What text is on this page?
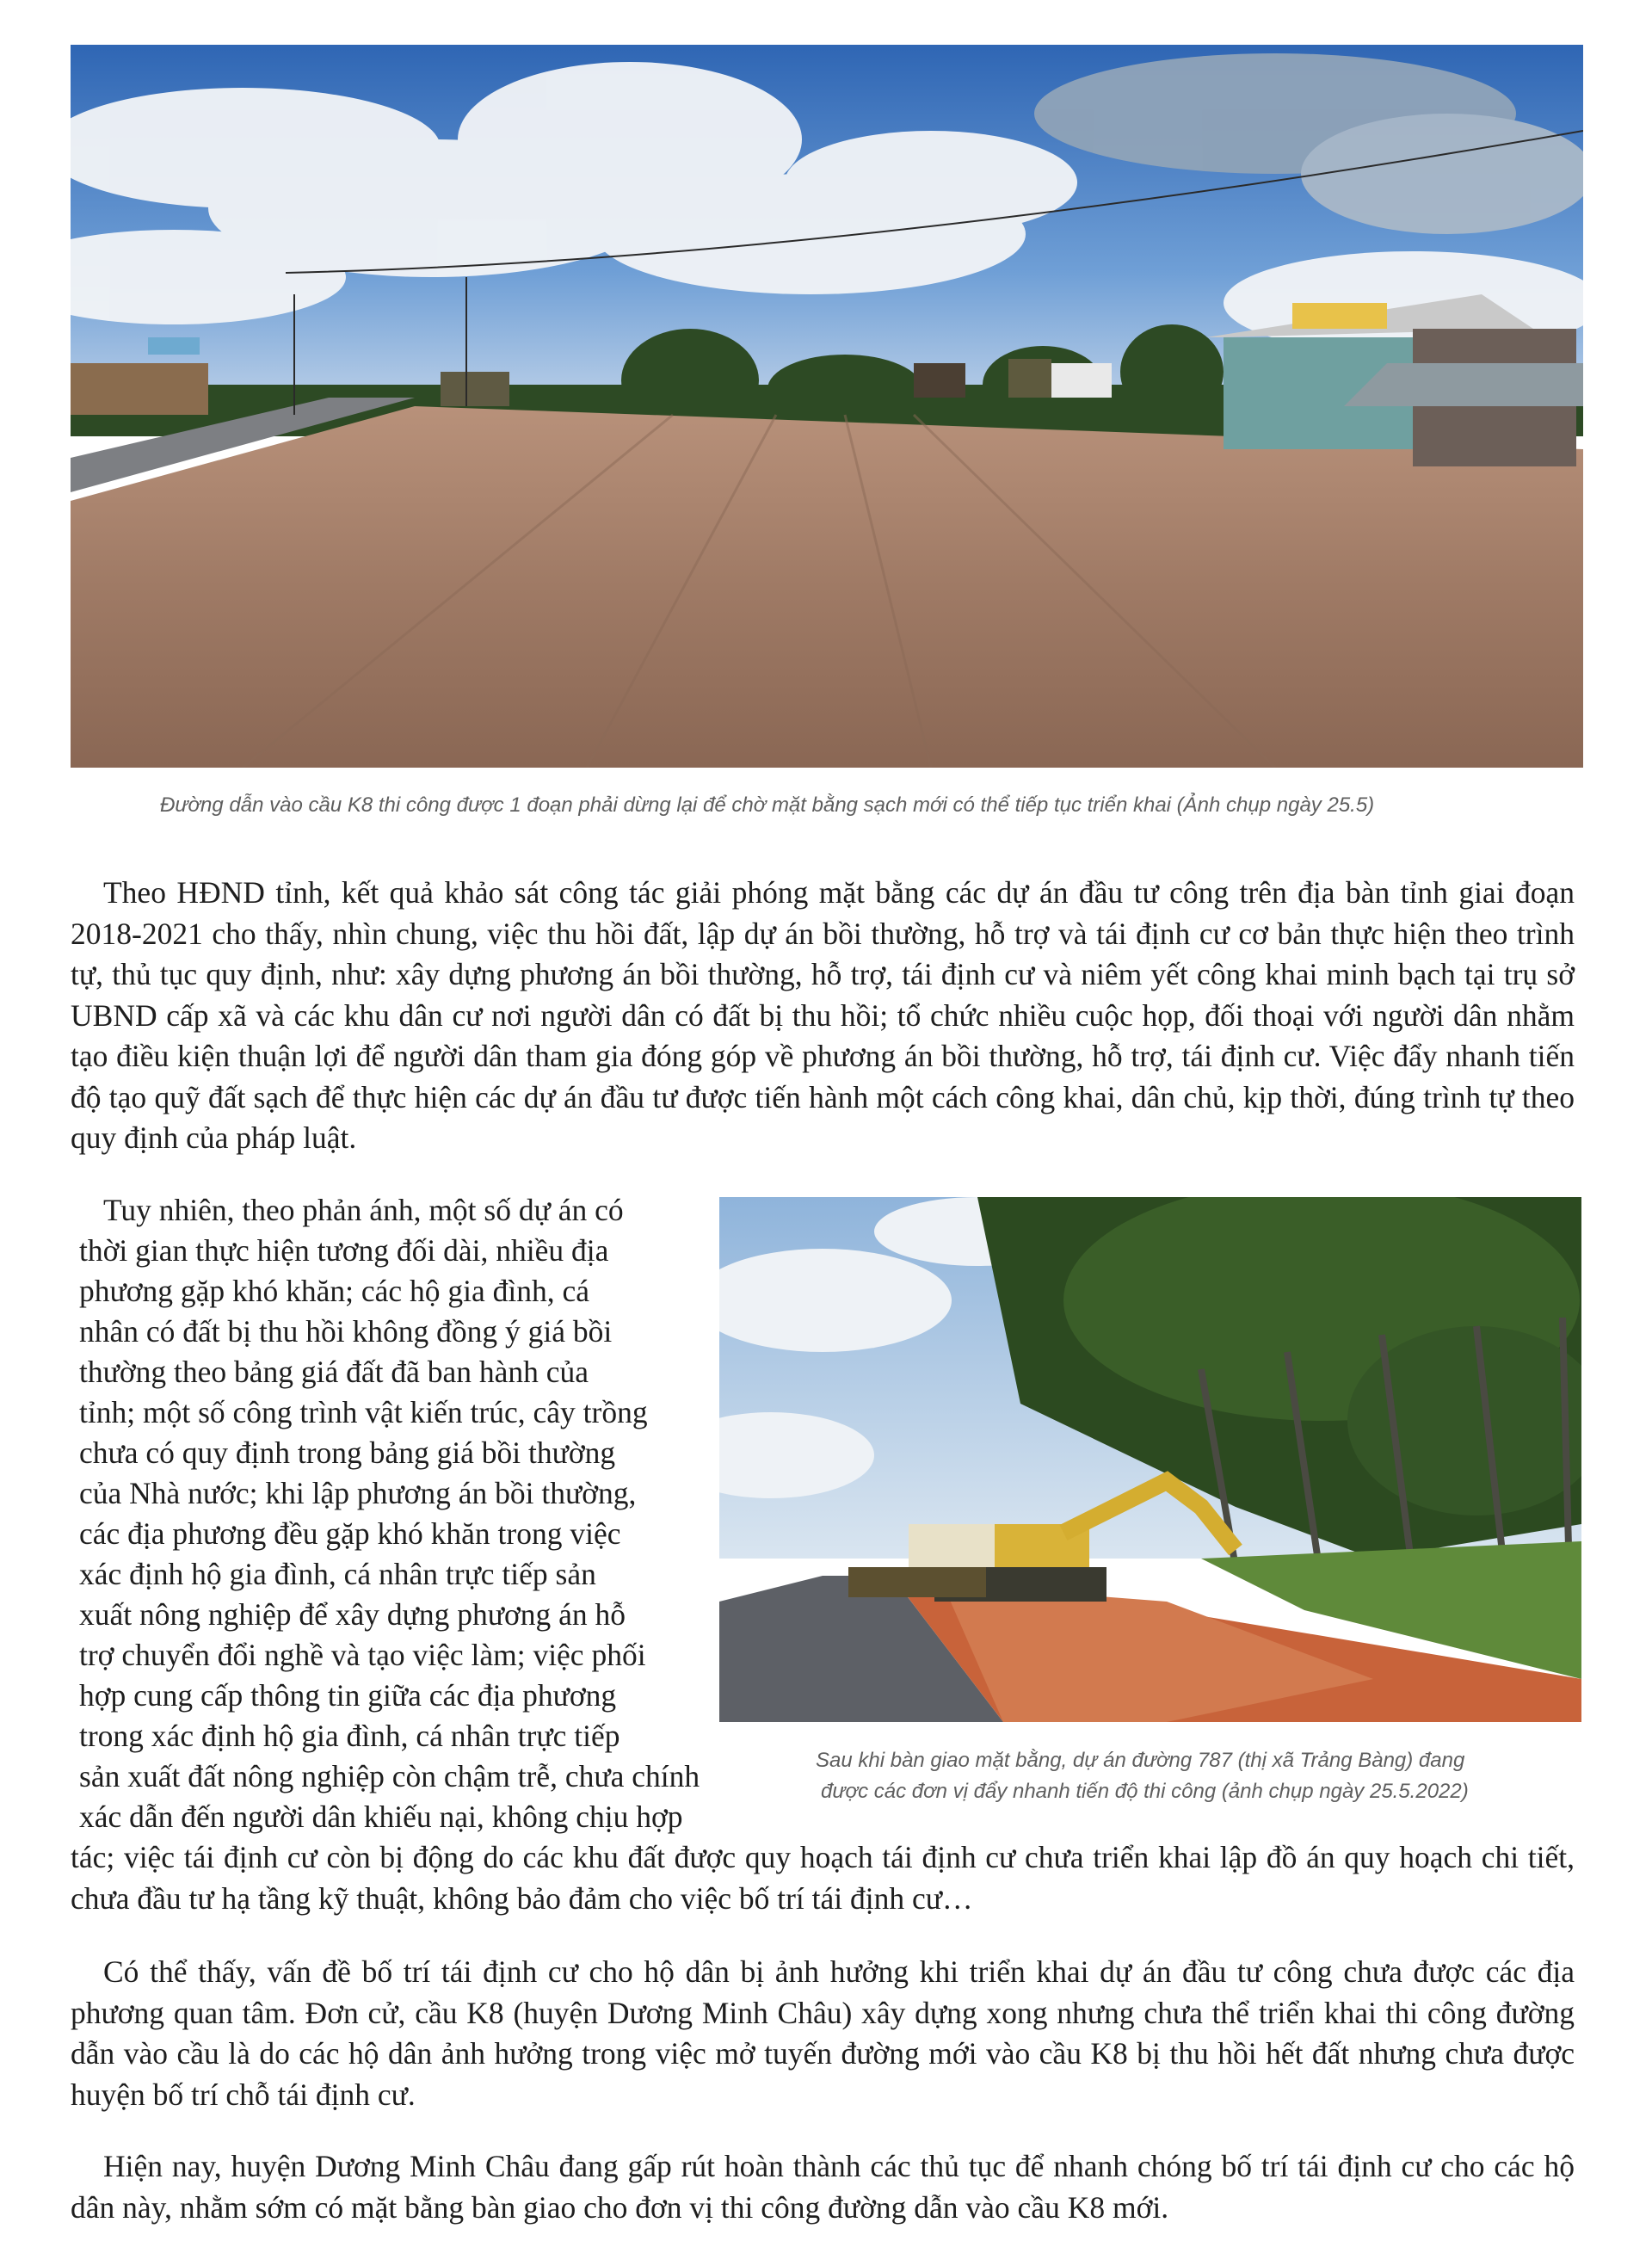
Đường dẫn vào cầu K8 thi công được 1 đoạn phải dừng lại để chờ mặt bằng sạch mới có thể tiếp tục triển khai (Ảnh chụp ngày 25.5)

Theo HĐND tỉnh, kết quả khảo sát công tác giải phóng mặt bằng các dự án đầu tư công trên địa bàn tỉnh giai đoạn 2018-2021 cho thấy, nhìn chung, việc thu hồi đất, lập dự án bồi thường, hỗ trợ và tái định cư cơ bản thực hiện theo trình tự, thủ tục quy định, như: xây dựng phương án bồi thường, hỗ trợ, tái định cư và niêm yết công khai minh bạch tại trụ sở UBND cấp xã và các khu dân cư nơi người dân có đất bị thu hồi; tổ chức nhiều cuộc họp, đối thoại với người dân nhằm tạo điều kiện thuận lợi để người dân tham gia đóng góp về phương án bồi thường, hỗ trợ, tái định cư. Việc đẩy nhanh tiến độ tạo quỹ đất sạch để thực hiện các dự án đầu tư được tiến hành một cách công khai, dân chủ, kịp thời, đúng trình tự theo quy định của pháp luật.

Tuy nhiên, theo phản ánh, một số dự án có

thời gian thực hiện tương đối dài, nhiều địa

phương gặp khó khăn; các hộ gia đình, cá

nhân có đất bị thu hồi không đồng ý giá bồi

thường theo bảng giá đất đã ban hành của

tỉnh; một số công trình vật kiến trúc, cây trồng

chưa có quy định trong bảng giá bồi thường

của Nhà nước; khi lập phương án bồi thường,

các địa phương đều gặp khó khăn trong việc

xác định hộ gia đình, cá nhân trực tiếp sản

xuất nông nghiệp để xây dựng phương án hỗ

trợ chuyển đổi nghề và tạo việc làm; việc phối

hợp cung cấp thông tin giữa các địa phương

trong xác định hộ gia đình, cá nhân trực tiếp

sản xuất đất nông nghiệp còn chậm trễ, chưa chính

xác dẫn đến người dân khiếu nại, không chịu hợp

tác; việc tái định cư còn bị động do các khu đất được quy hoạch tái định cư chưa triển khai lập đồ án quy hoạch chi tiết, chưa đầu tư hạ tầng kỹ thuật, không bảo đảm cho việc bố trí tái định cư…

Sau khi bàn giao mặt bằng, dự án đường 787 (thị xã Trảng Bàng) đang
được các đơn vị đẩy nhanh tiến độ thi công (ảnh chụp ngày 25.5.2022)

Có thể thấy, vấn đề bố trí tái định cư cho hộ dân bị ảnh hưởng khi triển khai dự án đầu tư công chưa được các địa phương quan tâm. Đơn cử, cầu K8 (huyện Dương Minh Châu) xây dựng xong nhưng chưa thể triển khai thi công đường dẫn vào cầu là do các hộ dân ảnh hưởng trong việc mở tuyến đường mới vào cầu K8 bị thu hồi hết đất nhưng chưa được huyện bố trí chỗ tái định cư.

Hiện nay, huyện Dương Minh Châu đang gấp rút hoàn thành các thủ tục để nhanh chóng bố trí tái định cư cho các hộ dân này, nhằm sớm có mặt bằng bàn giao cho đơn vị thi công đường dẫn vào cầu K8 mới.
